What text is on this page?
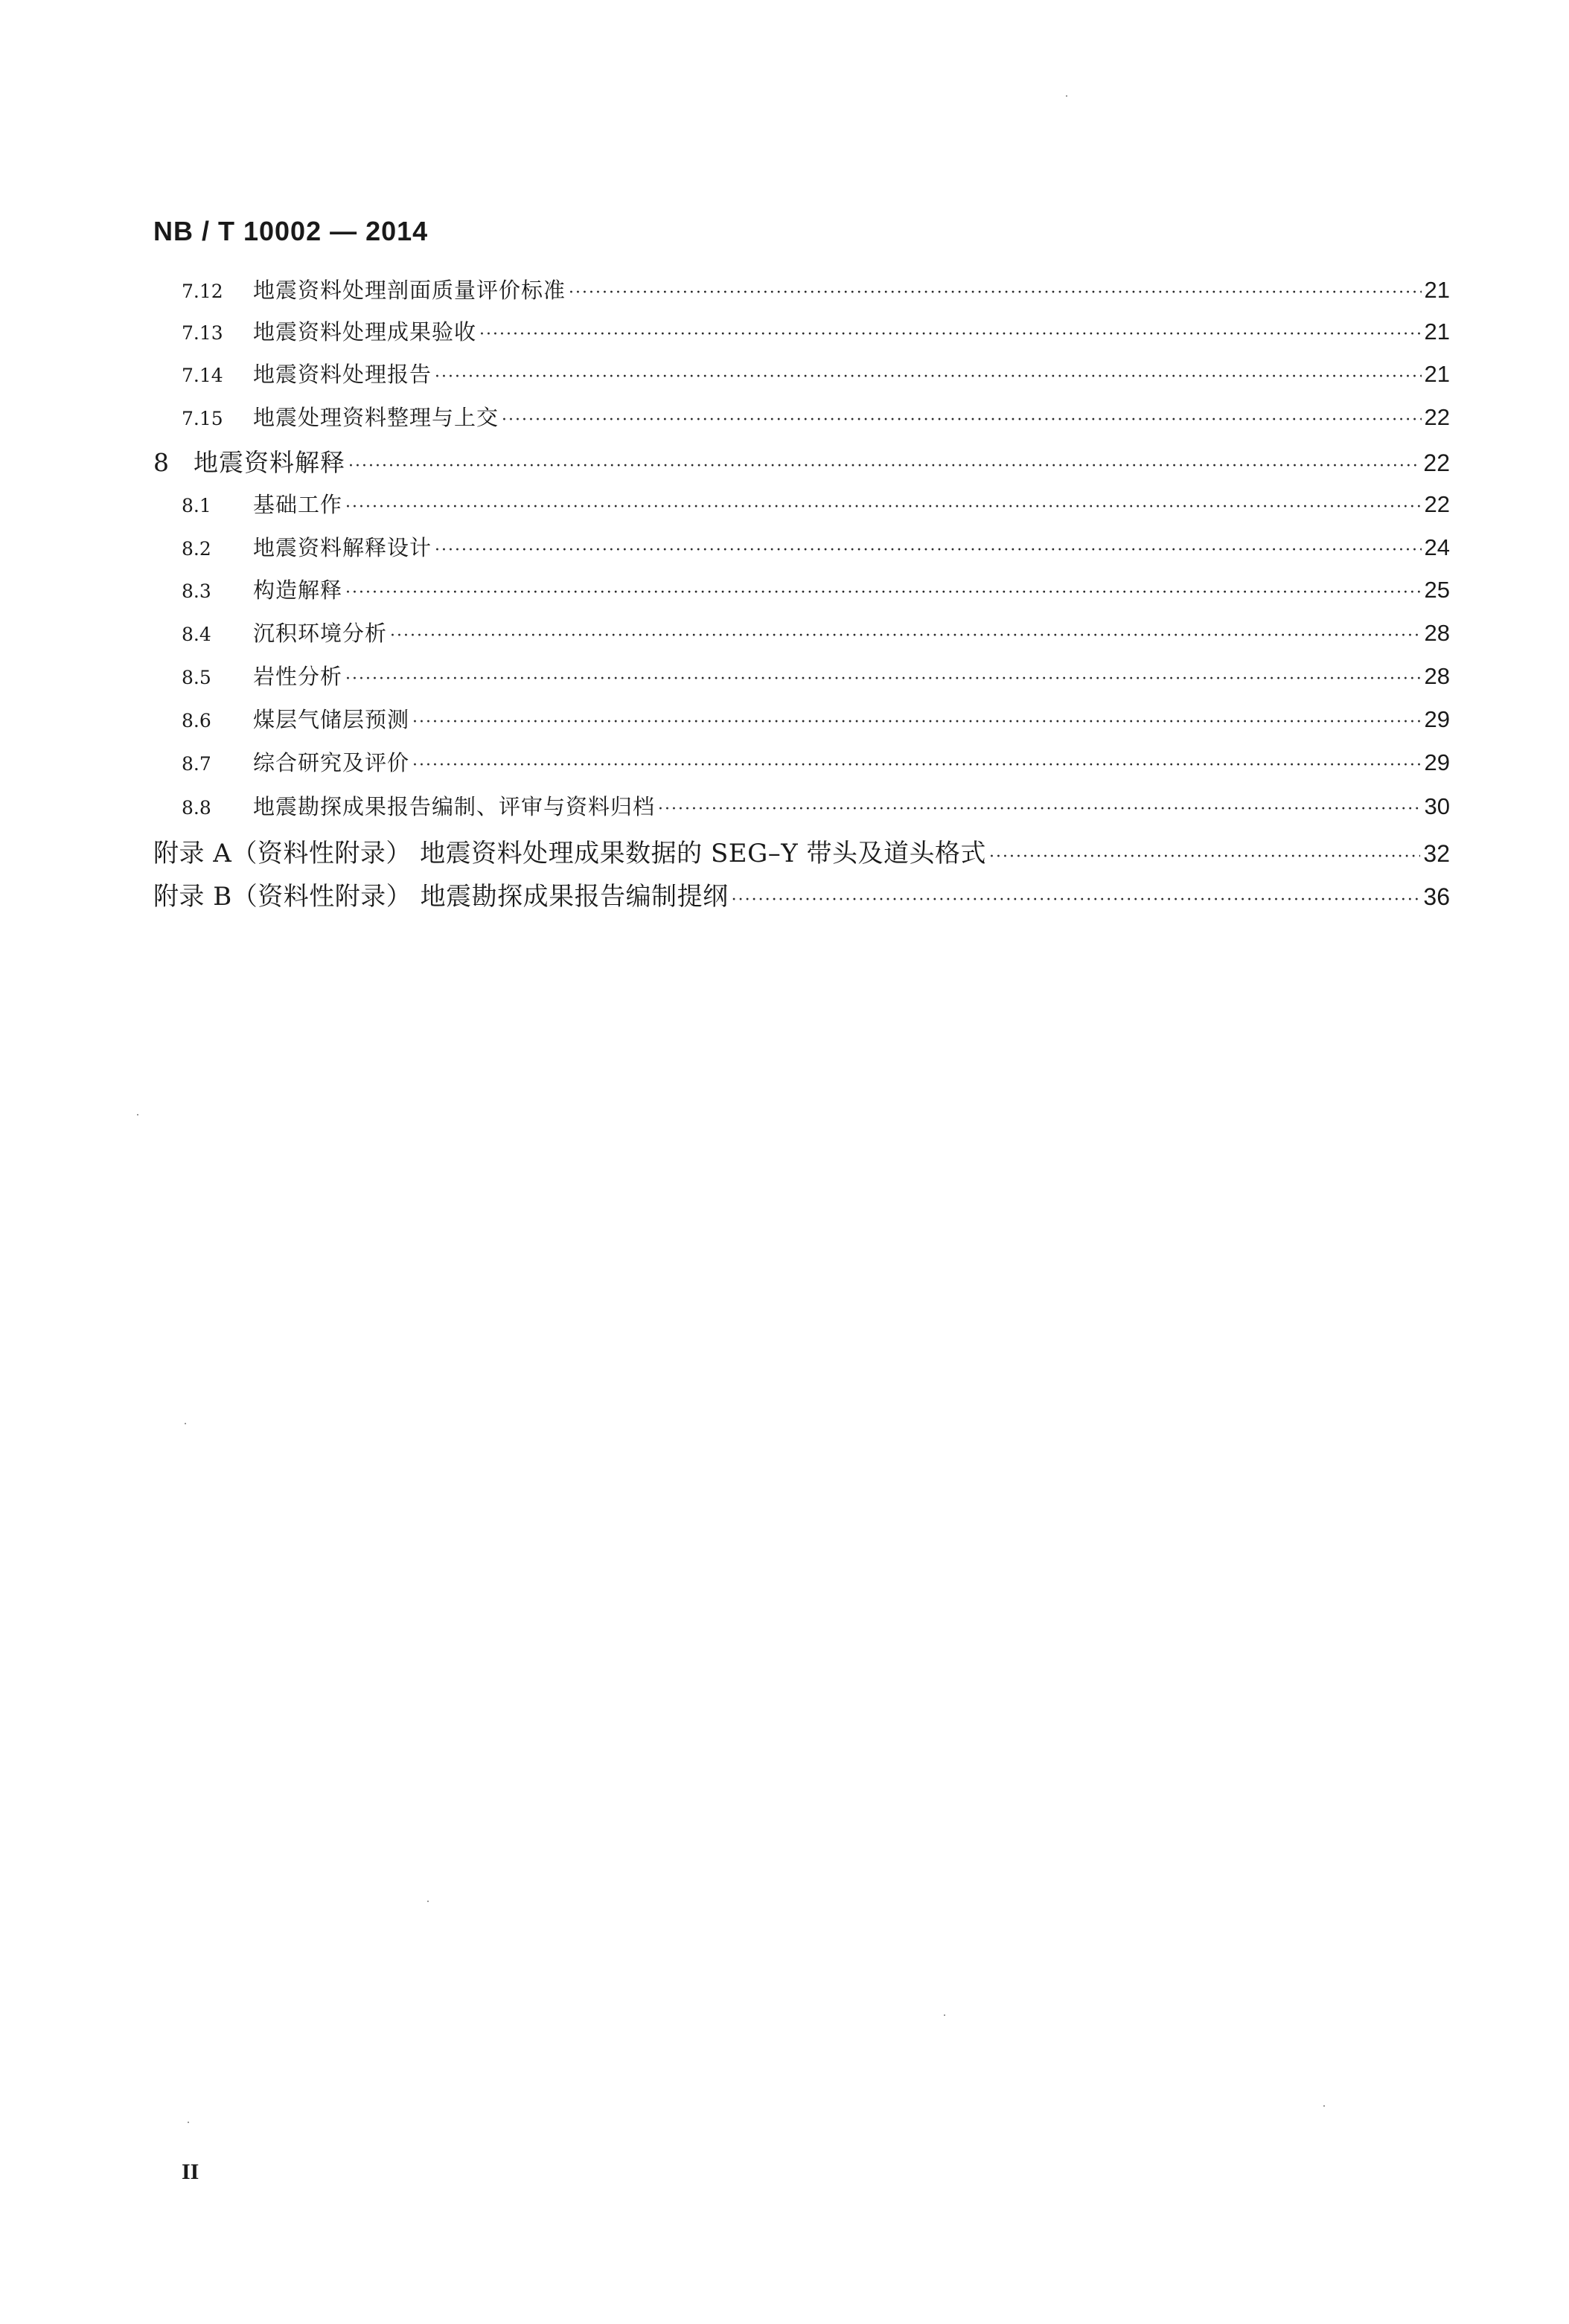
NB / T 10002 — 2014
7.12	地震资料处理剖面质量评价标准 ·····	21
7.13	地震资料处理成果验收 ·····	21
7.14	地震资料处理报告 ·····	21
7.15	地震处理资料整理与上交 ·····	22
8	地震资料解释 ·····	22
8.1	基础工作 ·····	22
8.2	地震资料解释设计 ·····	24
8.3	构造解释 ·····	25
8.4	沉积环境分析 ·····	28
8.5	岩性分析 ·····	28
8.6	煤层气储层预测 ·····	29
8.7	综合研究及评价 ·····	29
8.8	地震勘探成果报告编制、评审与资料归档 ·····	30
附录 A（资料性附录） 地震资料处理成果数据的 SEG–Y 带头及道头格式 ·····	32
附录 B（资料性附录） 地震勘探成果报告编制提纲 ·····	36
II
